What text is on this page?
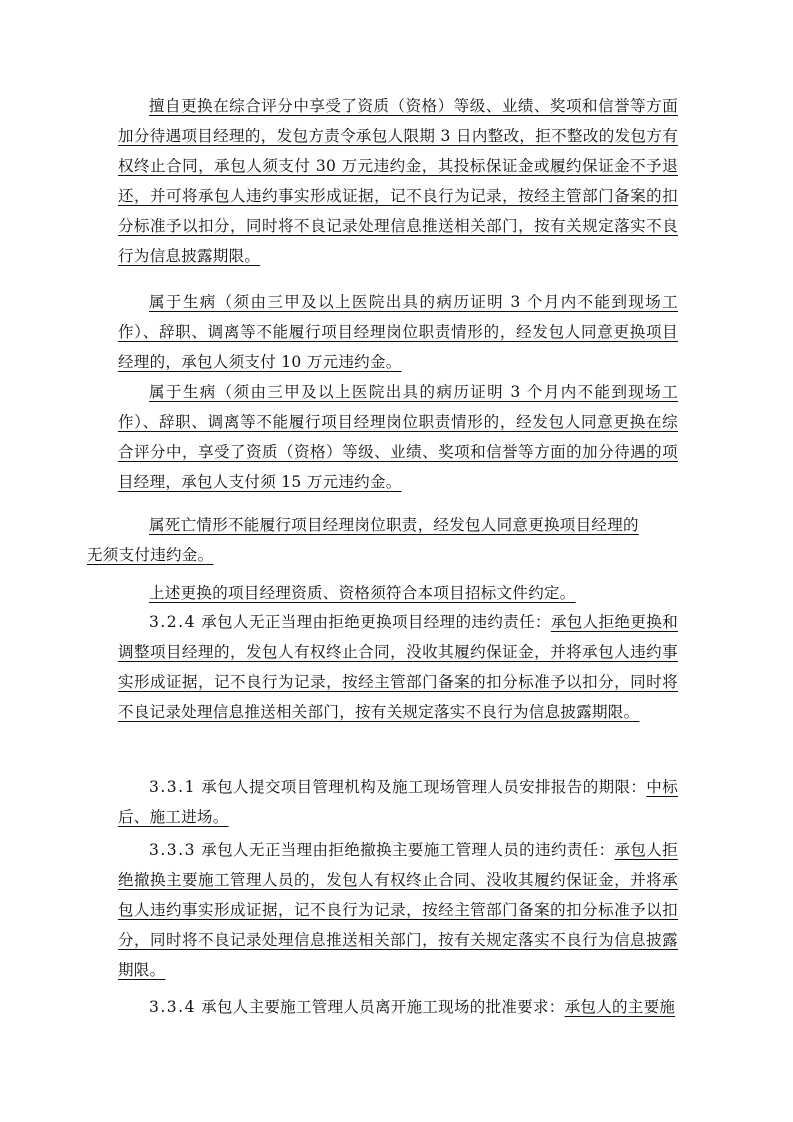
擅自更换在综合评分中享受了资质（资格）等级、业绩、奖项和信誉等方面加分待遇项目经理的，发包方责令承包人限期 3 日内整改，拒不整改的发包方有权终止合同，承包人须支付 30 万元违约金，其投标保证金或履约保证金不予退还，并可将承包人违约事实形成证据，记不良行为记录，按经主管部门备案的扣分标准予以扣分，同时将不良记录处理信息推送相关部门，按有关规定落实不良行为信息披露期限。

属于生病（须由三甲及以上医院出具的病历证明 3 个月内不能到现场工作）、辞职、调离等不能履行项目经理岗位职责情形的，经发包人同意更换项目经理的，承包人须支付 10 万元违约金。

属于生病（须由三甲及以上医院出具的病历证明 3 个月内不能到现场工作）、辞职、调离等不能履行项目经理岗位职责情形的，经发包人同意更换在综合评分中，享受了资质（资格）等级、业绩、奖项和信誉等方面的加分待遇的项目经理，承包人支付须 15 万元违约金。

属死亡情形不能履行项目经理岗位职责，经发包人同意更换项目经理的
无须支付违约金。

上述更换的项目经理资质、资格须符合本项目招标文件约定。

3.2.4 承包人无正当理由拒绝更换项目经理的违约责任：承包人拒绝更换和调整项目经理的，发包人有权终止合同，没收其履约保证金，并将承包人违约事实形成证据，记不良行为记录，按经主管部门备案的扣分标准予以扣分，同时将不良记录处理信息推送相关部门，按有关规定落实不良行为信息披露期限。

3.3.1 承包人提交项目管理机构及施工现场管理人员安排报告的期限：中标后、施工进场。

3.3.3 承包人无正当理由拒绝撤换主要施工管理人员的违约责任：承包人拒绝撤换主要施工管理人员的，发包人有权终止合同、没收其履约保证金，并将承包人违约事实形成证据，记不良行为记录，按经主管部门备案的扣分标准予以扣分，同时将不良记录处理信息推送相关部门，按有关规定落实不良行为信息披露期限。

3.3.4 承包人主要施工管理人员离开施工现场的批准要求：承包人的主要施
